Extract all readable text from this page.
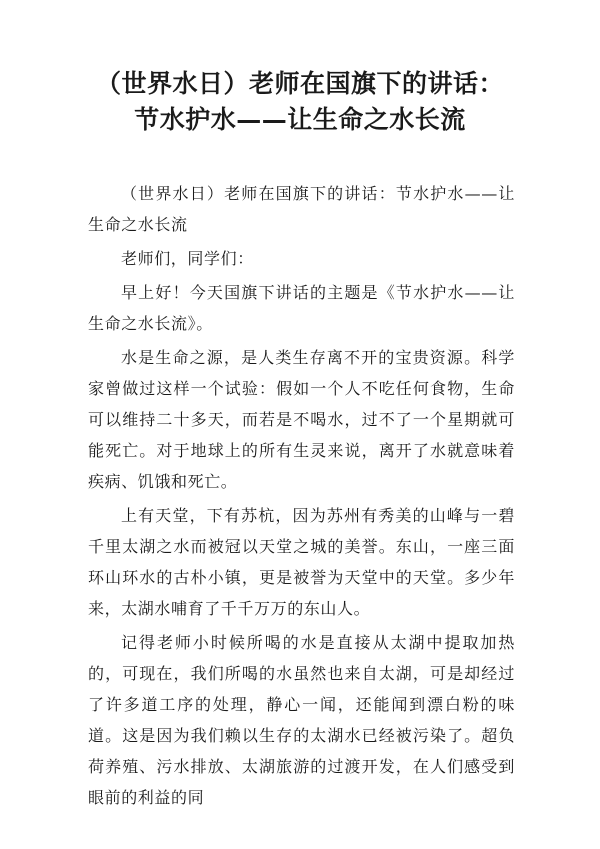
（世界水日）老师在国旗下的讲话：节水护水——让生命之水长流

（世界水日）老师在国旗下的讲话：节水护水——让生命之水长流

老师们，同学们：

早上好！今天国旗下讲话的主题是《节水护水——让生命之水长流》。

水是生命之源，是人类生存离不开的宝贵资源。科学家曾做过这样一个试验：假如一个人不吃任何食物，生命可以维持二十多天，而若是不喝水，过不了一个星期就可能死亡。对于地球上的所有生灵来说，离开了水就意味着疾病、饥饿和死亡。

上有天堂，下有苏杭，因为苏州有秀美的山峰与一碧千里太湖之水而被冠以天堂之城的美誉。东山，一座三面环山环水的古朴小镇，更是被誉为天堂中的天堂。多少年来，太湖水哺育了千千万万的东山人。

记得老师小时候所喝的水是直接从太湖中提取加热的，可现在，我们所喝的水虽然也来自太湖，可是却经过了许多道工序的处理，静心一闻，还能闻到漂白粉的味道。这是因为我们赖以生存的太湖水已经被污染了。超负荷养殖、污水排放、太湖旅游的过渡开发，在人们感受到眼前的利益的同
